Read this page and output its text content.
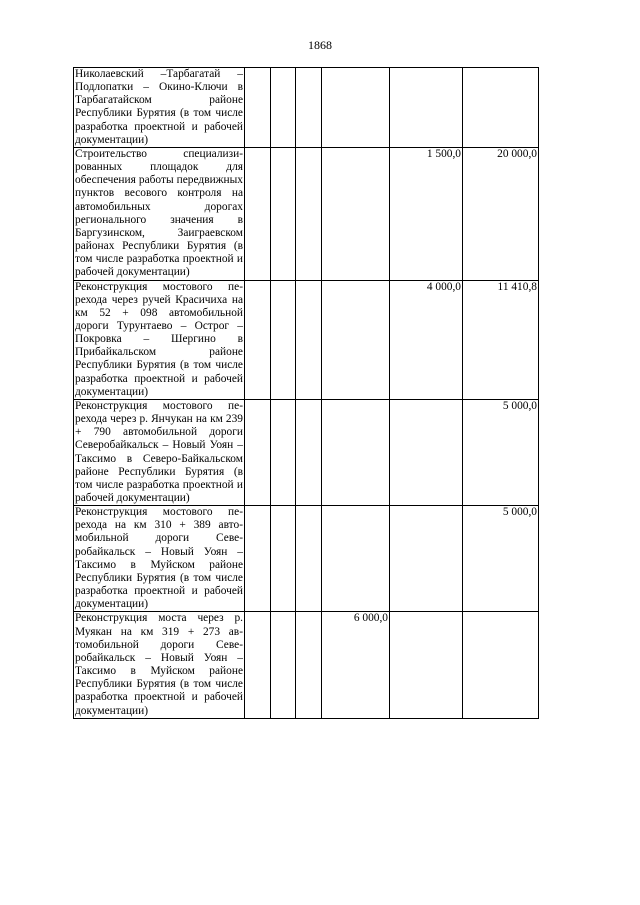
1868
Николаевский –Тарбагатай – Подлопатки – Окино-Ключи в Тарбагатайском районе Республики Бурятия (в том числе разработка проектной и рабочей документации)						
Строительство специализированных площадок для обеспечения работы передвижных пунктов весового контроля на автомобильных дорогах регионального значения в Баргузинском, Заиграевском районах Республики Бурятия (в том числе разработка проектной и рабочей документации)					1 500,0	20 000,0
Реконструкция мостового перехода через ручей Красичиха на км 52 + 098 автомобильной дороги Турунтаево – Острог – Покровка – Шергино в Прибайкальском районе Республики Бурятия (в том числе разработка проектной и рабочей документации)					4 000,0	11 410,8
Реконструкция мостового перехода через р. Янчукан на км 239 + 790 автомобильной дороги Северобайкальск – Новый Уоян – Таксимо в Северо-Байкальском районе Республики Бурятия (в том числе разработка проектной и рабочей документации)						5 000,0
Реконструкция мостового перехода на км 310 + 389 автомобильной дороги Северобайкальск – Новый Уоян – Таксимо в Муйском районе Республики Бурятия (в том числе разработка проектной и рабочей документации)						5 000,0
Реконструкция моста через р. Муякан на км 319 + 273 автомобильной дороги Северобайкальск – Новый Уоян – Таксимо в Муйском районе Республики Бурятия (в том числе разработка проектной и рабочей документации)				6 000,0		
